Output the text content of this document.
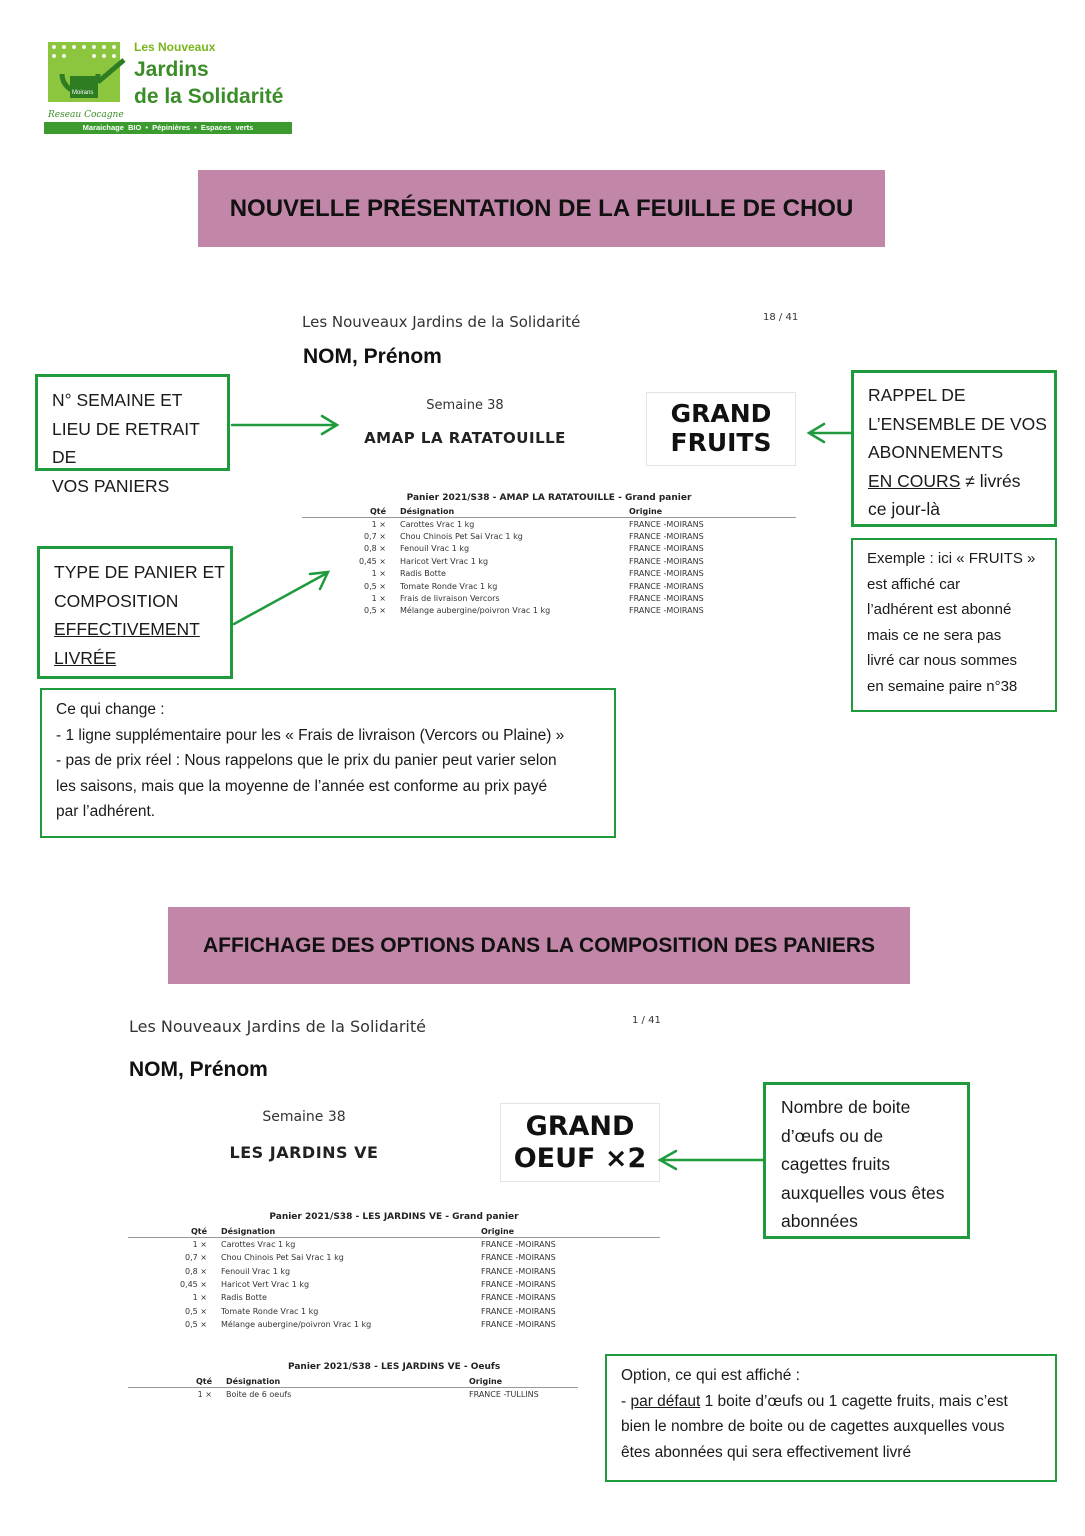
Moirans
Les Nouveaux
Jardins
de la Solidarité
Reseau Cocagne
Maraichage BIO • Pépinières • Espaces verts
NOUVELLE PRÉSENTATION DE LA FEUILLE DE CHOU
Les Nouveaux Jardins de la Solidarité	18 / 41
NOM, Prénom
Semaine 38
AMAP LA RATATOUILLE
GRAND
FRUITS
Panier 2021/S38 - AMAP LA RATATOUILLE - Grand panier
Qté	Désignation	Origine
1 ×	Carottes Vrac 1 kg	FRANCE -MOIRANS
0,7 ×	Chou Chinois Pet Sai Vrac 1 kg	FRANCE -MOIRANS
0,8 ×	Fenouil Vrac 1 kg	FRANCE -MOIRANS
0,45 ×	Haricot Vert Vrac 1 kg	FRANCE -MOIRANS
1 ×	Radis Botte	FRANCE -MOIRANS
0,5 ×	Tomate Ronde Vrac 1 kg	FRANCE -MOIRANS
1 ×	Frais de livraison Vercors	FRANCE -MOIRANS
0,5 ×	Mélange aubergine/poivron Vrac 1 kg	FRANCE -MOIRANS
N° SEMAINE ET
LIEU DE RETRAIT DE
VOS PANIERS
TYPE DE PANIER ET
COMPOSITION
EFFECTIVEMENT
LIVRÉE
RAPPEL DE
L’ENSEMBLE DE VOS
ABONNEMENTS
EN COURS ≠ livrés
ce jour-là
Exemple : ici « FRUITS »
est affiché car
l’adhérent est abonné
mais ce ne sera pas
livré car nous sommes
en semaine paire n°38
Ce qui change :
- 1 ligne supplémentaire pour les « Frais de livraison (Vercors ou Plaine) »
- pas de prix réel : Nous rappelons que le prix du panier peut varier selon
les saisons, mais que la moyenne de l’année est conforme au prix payé
par l’adhérent.
AFFICHAGE DES OPTIONS DANS LA COMPOSITION DES PANIERS
Les Nouveaux Jardins de la Solidarité	1 / 41
NOM, Prénom
Semaine 38
LES JARDINS VE
GRAND
OEUF ×2
Panier 2021/S38 - LES JARDINS VE - Grand panier
Qté	Désignation	Origine
1 ×	Carottes Vrac 1 kg	FRANCE -MOIRANS
0,7 ×	Chou Chinois Pet Sai Vrac 1 kg	FRANCE -MOIRANS
0,8 ×	Fenouil Vrac 1 kg	FRANCE -MOIRANS
0,45 ×	Haricot Vert Vrac 1 kg	FRANCE -MOIRANS
1 ×	Radis Botte	FRANCE -MOIRANS
0,5 ×	Tomate Ronde Vrac 1 kg	FRANCE -MOIRANS
0,5 ×	Mélange aubergine/poivron Vrac 1 kg	FRANCE -MOIRANS
Panier 2021/S38 - LES JARDINS VE - Oeufs
Qté	Désignation	Origine
1 ×	Boite de 6 oeufs	FRANCE -TULLINS
Nombre de boite
d’œufs ou de
cagettes fruits
auxquelles vous êtes
abonnées
Option, ce qui est affiché :
- par défaut 1 boite d’œufs ou 1 cagette fruits, mais c’est
bien le nombre de boite ou de cagettes auxquelles vous
êtes abonnées qui sera effectivement livré
